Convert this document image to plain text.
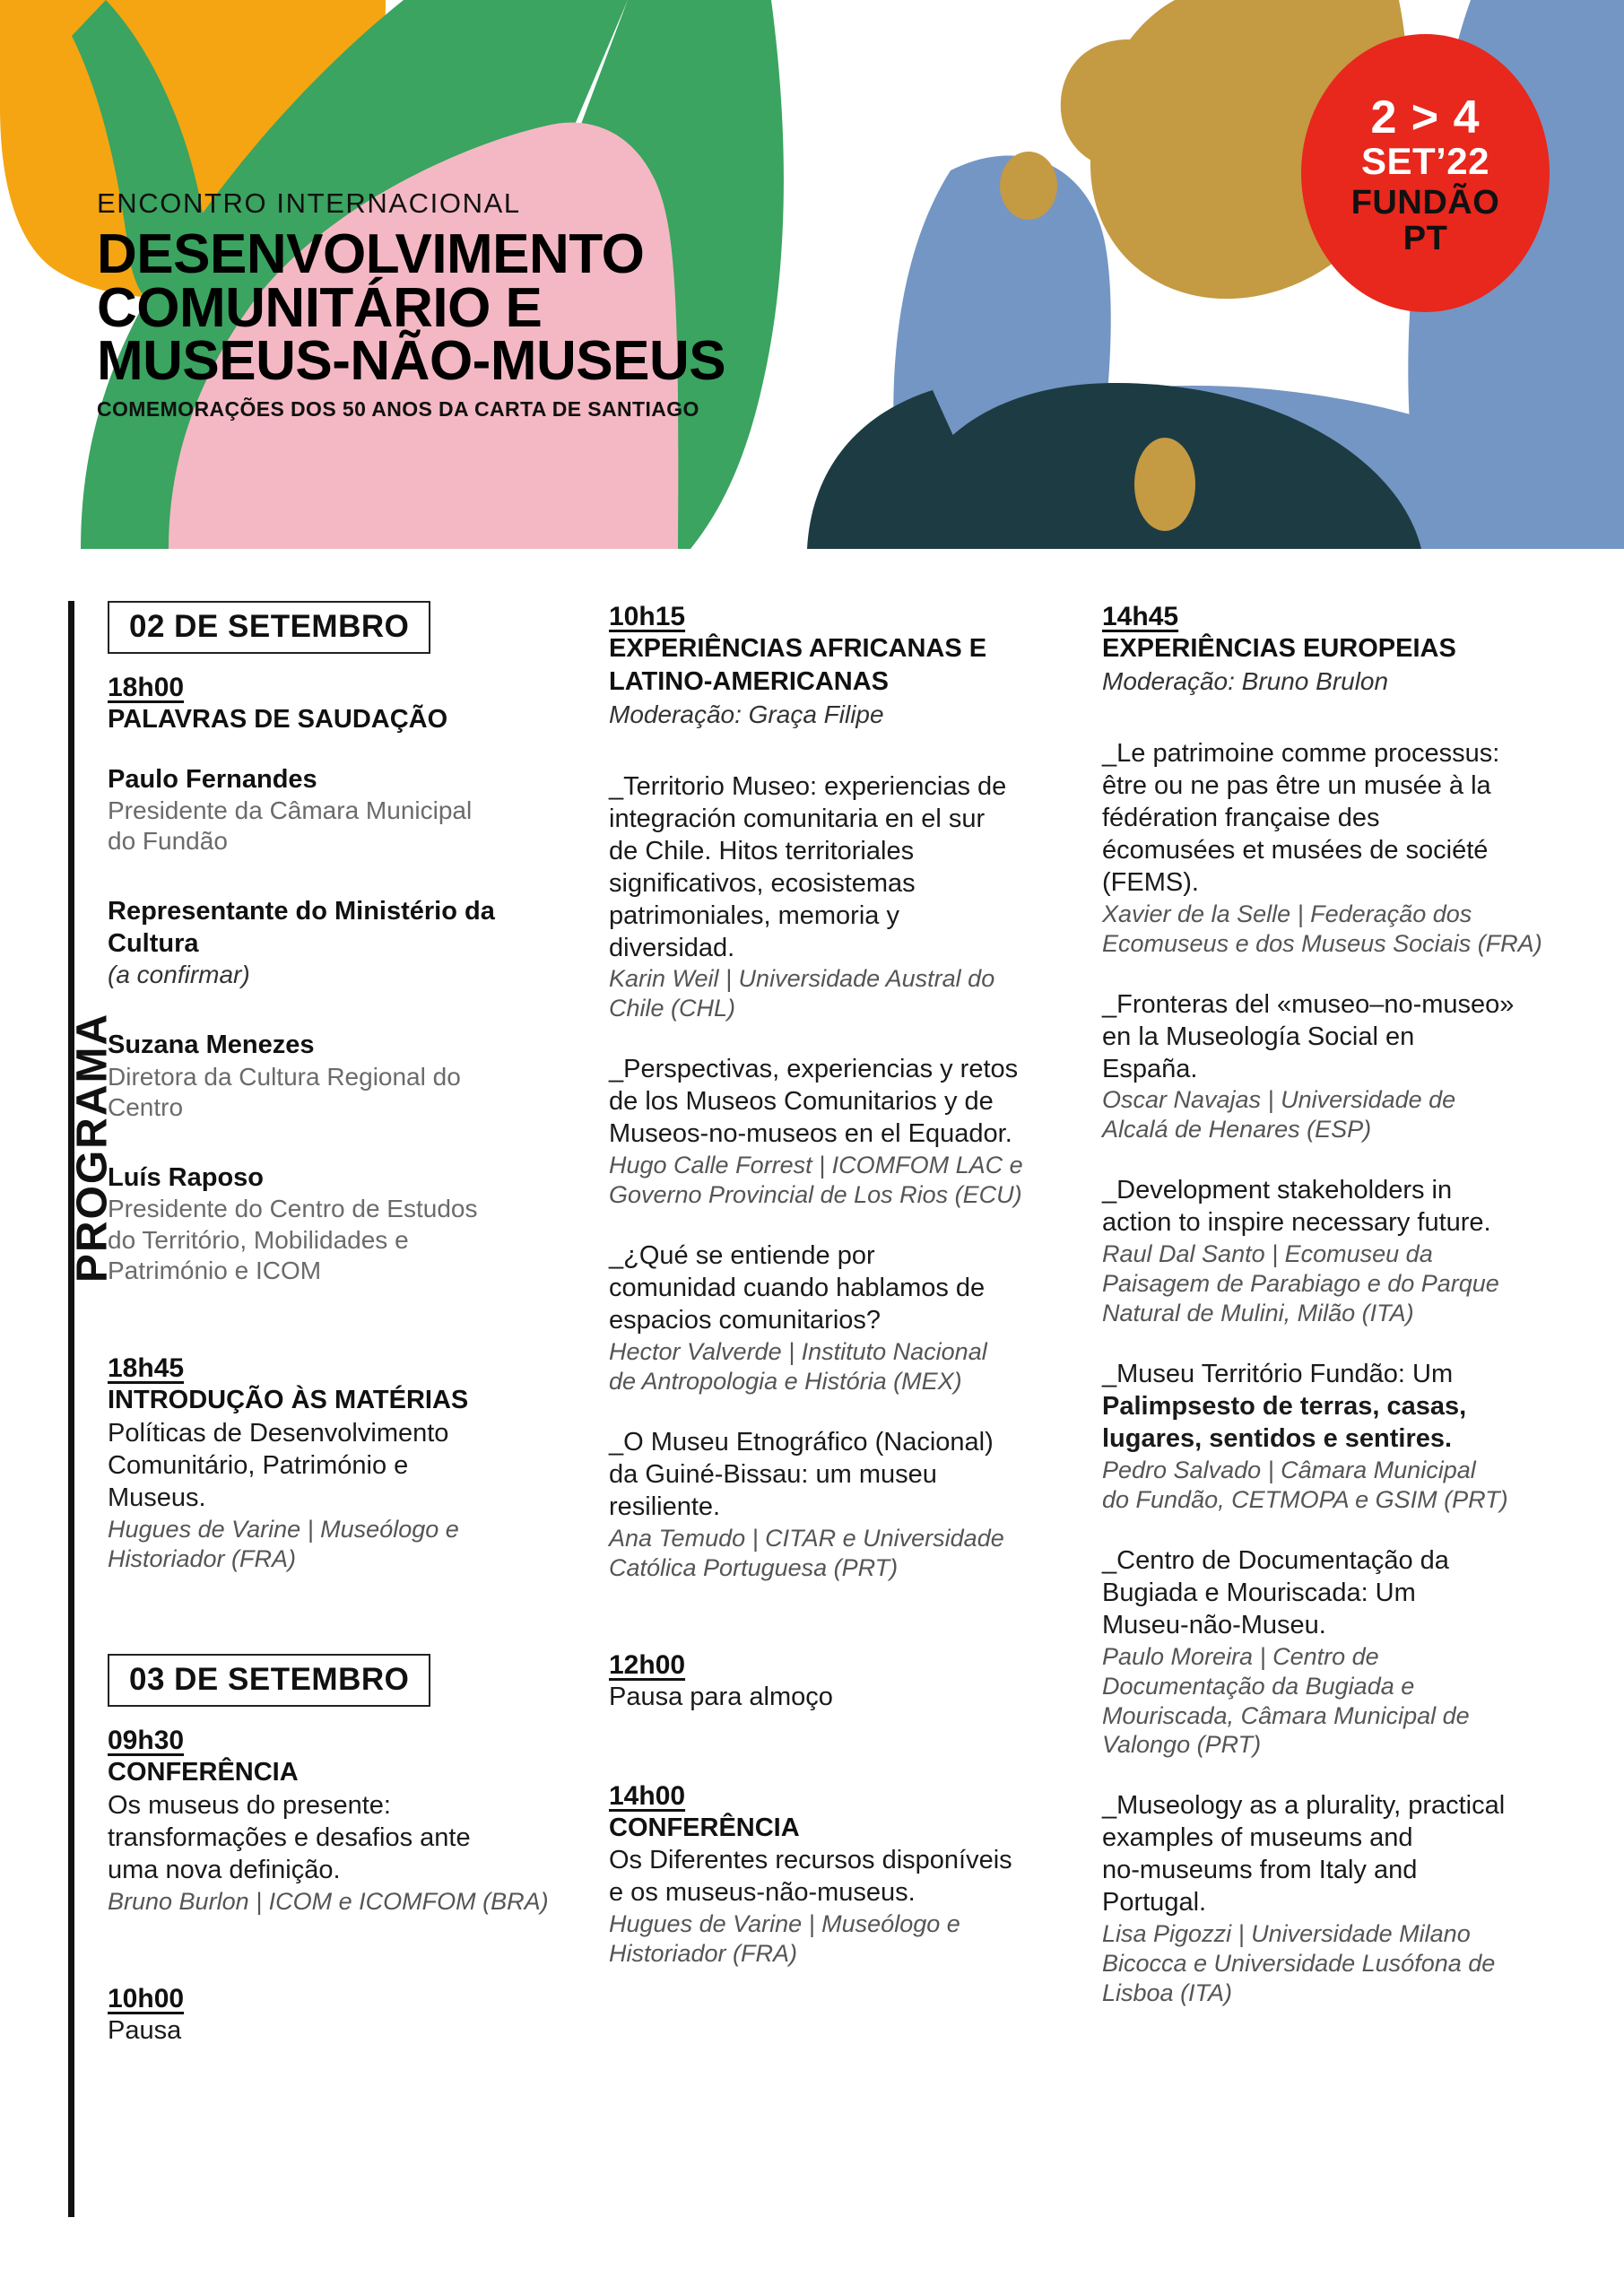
2 > 4
SET’22
FUNDÃO
PT
ENCONTRO INTERNACIONAL
DESENVOLVIMENTO
COMUNITÁRIO E
MUSEUS-NÃO-MUSEUS
COMEMORAÇÕES DOS 50 ANOS DA CARTA DE SANTIAGO
PROGRAMA
02 DE SETEMBRO
18h00
PALAVRAS DE SAUDAÇÃO
Paulo Fernandes
Presidente da Câmara Municipal
do Fundão
Representante do Ministério da
Cultura
(a confirmar)
Suzana Menezes
Diretora da Cultura Regional do
Centro
Luís Raposo
Presidente do Centro de Estudos
do Território, Mobilidades e
Património e ICOM
18h45
INTRODUÇÃO ÀS MATÉRIAS
Políticas de Desenvolvimento
Comunitário, Património e
Museus.
Hugues de Varine | Museólogo e
Historiador (FRA)
03 DE SETEMBRO
09h30
CONFERÊNCIA
Os museus do presente:
transformações e desafios ante
uma nova definição.
Bruno Burlon | ICOM e ICOMFOM (BRA)
10h00
Pausa
10h15
EXPERIÊNCIAS AFRICANAS E
LATINO-AMERICANAS
Moderação: Graça Filipe
_Territorio Museo: experiencias de
integración comunitaria en el sur
de Chile. Hitos territoriales
significativos, ecosistemas
patrimoniales, memoria y
diversidad.
Karin Weil | Universidade Austral do
Chile (CHL)
_Perspectivas, experiencias y retos
de los Museos Comunitarios y de
Museos-no-museos en el Equador.
Hugo Calle Forrest | ICOMFOM LAC e
Governo Provincial de Los Rios (ECU)
_¿Qué se entiende por
comunidad cuando hablamos de
espacios comunitarios?
Hector Valverde | Instituto Nacional
de Antropologia e História (MEX)
_O Museu Etnográfico (Nacional)
da Guiné-Bissau: um museu
resiliente.
Ana Temudo | CITAR e Universidade
Católica Portuguesa (PRT)
12h00
Pausa para almoço
14h00
CONFERÊNCIA
Os Diferentes recursos disponíveis
e os museus-não-museus.
Hugues de Varine | Museólogo e
Historiador (FRA)
14h45
EXPERIÊNCIAS EUROPEIAS
Moderação: Bruno Brulon
_Le patrimoine comme processus:
être ou ne pas être un musée à la
fédération française des
écomusées et musées de société
(FEMS).
Xavier de la Selle | Federação dos
Ecomuseus e dos Museus Sociais (FRA)
_Fronteras del «museo–no-museo»
en la Museología Social en
España.
Oscar Navajas | Universidade de
Alcalá de Henares (ESP)
_Development stakeholders in
action to inspire necessary future.
Raul Dal Santo | Ecomuseu da
Paisagem de Parabiago e do Parque
Natural de Mulini, Milão (ITA)
_Museu Território Fundão: Um
Palimpsesto de terras, casas,
lugares, sentidos e sentires.
Pedro Salvado | Câmara Municipal
do Fundão, CETMOPA e GSIM (PRT)
_Centro de Documentação da
Bugiada e Mouriscada: Um
Museu-não-Museu.
Paulo Moreira | Centro de
Documentação da Bugiada e
Mouriscada, Câmara Municipal de
Valongo (PRT)
_Museology as a plurality, practical
examples of museums and
no-museums from Italy and
Portugal.
Lisa Pigozzi | Universidade Milano
Bicocca e Universidade Lusófona de
Lisboa (ITA)
